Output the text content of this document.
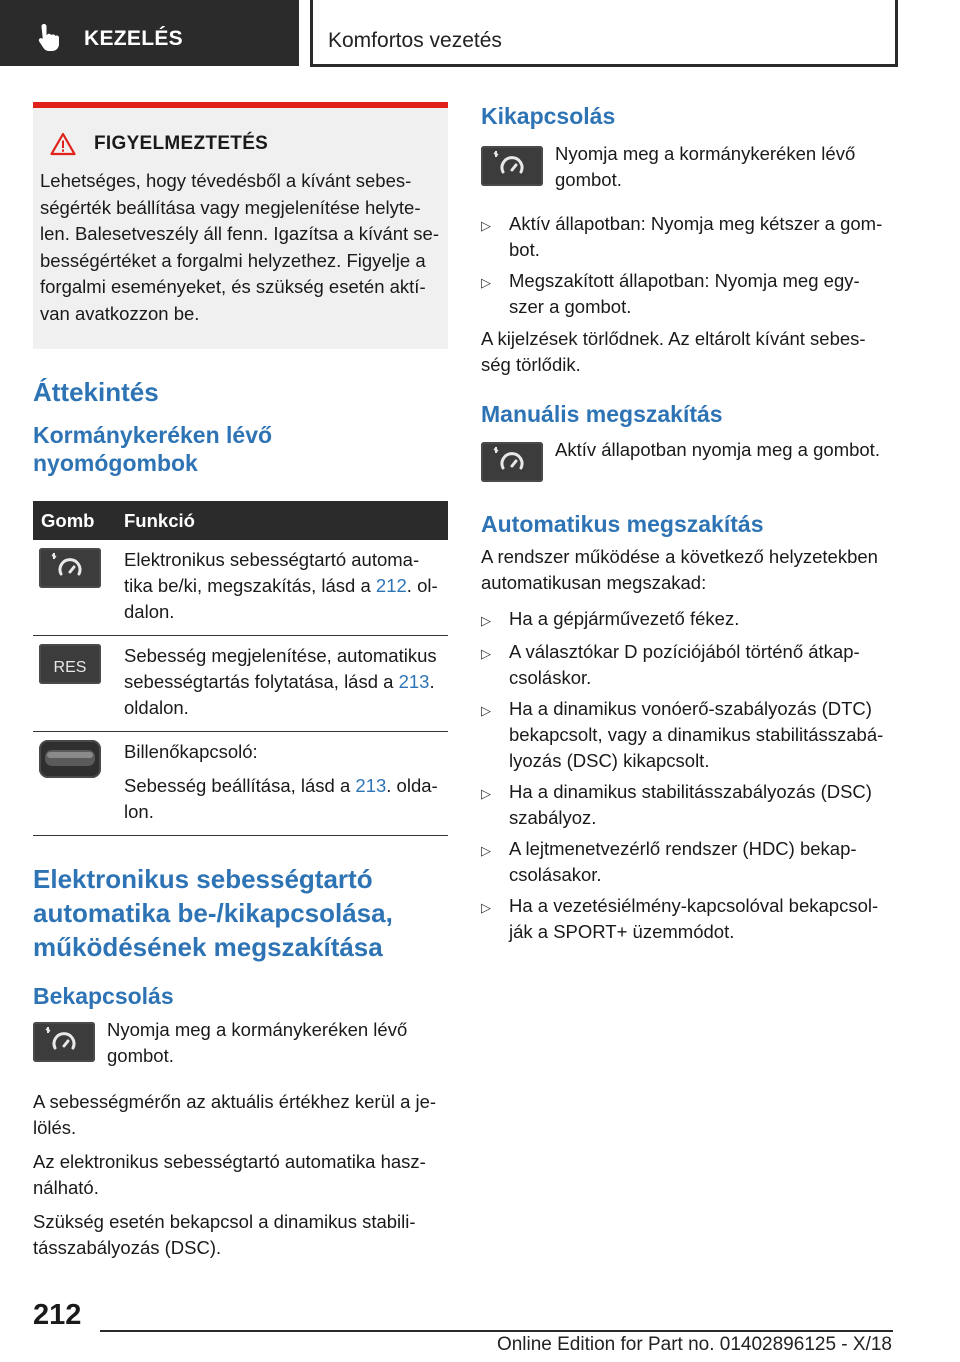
KEZELÉS	Komfortos vezetés
FIGYELMEZTETÉS
Lehetséges, hogy tévedésből a kívánt sebes-
ségérték beállítása vagy megjelenítése helyte-
len. Balesetveszély áll fenn. Igazítsa a kívánt se-
bességértéket a forgalmi helyzethez. Figyelje a
forgalmi eseményeket, és szükség esetén aktí-
van avatkozzon be.
Áttekintés
Kormánykeréken lévő
nyomógombok
Gomb	Funkció

Elektronikus sebességtartó automa-
tika be/ki, megszakítás, lásd a 212. ol-
dalon.

RES	Sebesség megjelenítése, automatikus
sebességtartás folytatása, lásd a 213.
oldalon.

Billenőkapcsoló:
Sebesség beállítása, lásd a 213. olda-
lon.
Elektronikus sebességtartó
automatika be-/kikapcsolása,
működésének megszakítása
Bekapcsolás
Nyomja meg a kormánykeréken lévő
gombot.
A sebességmérőn az aktuális értékhez kerül a je-
lölés.
Az elektronikus sebességtartó automatika hasz-
nálható.
Szükség esetén bekapcsol a dinamikus stabili-
tásszabályozás (DSC).
Kikapcsolás
Nyomja meg a kormánykeréken lévő
gombot.
▷ Aktív állapotban: Nyomja meg kétszer a gom-
bot.
▷ Megszakított állapotban: Nyomja meg egy-
szer a gombot.
A kijelzések törlődnek. Az eltárolt kívánt sebes-
ség törlődik.
Manuális megszakítás
Aktív állapotban nyomja meg a gombot.
Automatikus megszakítás
A rendszer működése a következő helyzetekben
automatikusan megszakad:
▷ Ha a gépjárművezető fékez.
▷ A választókar D pozíciójából történő átkap-
csoláskor.
▷ Ha a dinamikus vonóerő-szabályozás (DTC)
bekapcsolt, vagy a dinamikus stabilitásszabá-
lyozás (DSC) kikapcsolt.
▷ Ha a dinamikus stabilitásszabályozás (DSC)
szabályoz.
▷ A lejtmenetvezérlő rendszer (HDC) bekap-
csolásakor.
▷ Ha a vezetésiélmény-kapcsolóval bekapcsol-
ják a SPORT+ üzemmódot.
212
Online Edition for Part no. 01402896125 - X/18
